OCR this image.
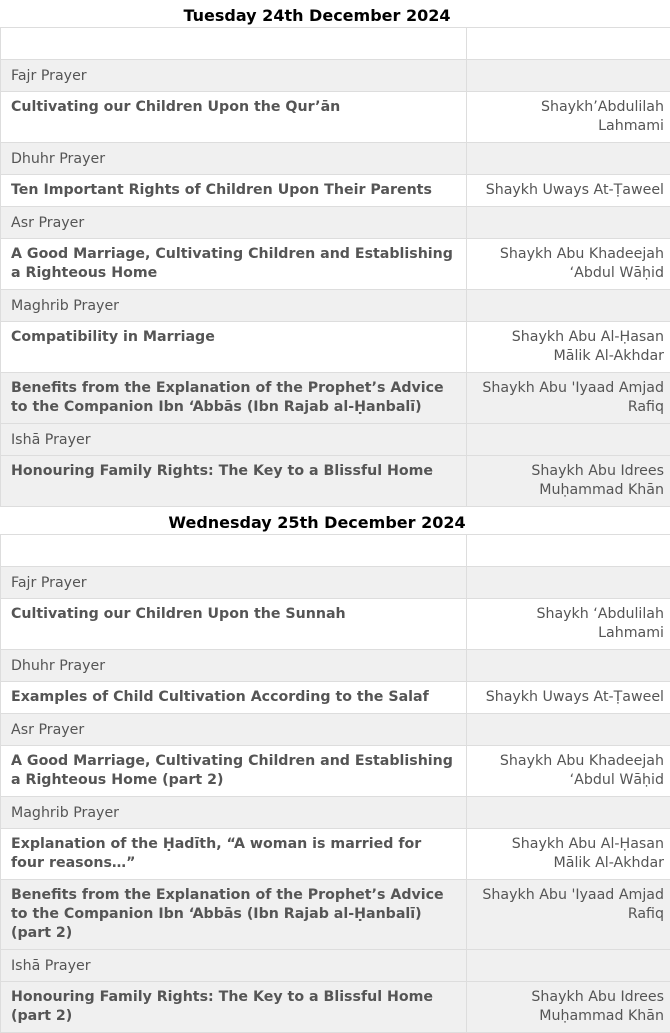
Tuesday 24th December 2024

Fajr Prayer	
Cultivating our Children Upon the Qur’ān	Shaykh’Abdulilah Lahmami
Dhuhr Prayer	
Ten Important Rights of Children Upon Their Parents	Shaykh Uways At-Ṭaweel
Asr Prayer	
A Good Marriage, Cultivating Children and Establishing a Righteous Home	Shaykh Abu Khadeejah ‘Abdul Wāḥid
Maghrib Prayer	
Compatibility in Marriage	Shaykh Abu Al-Ḥasan Mālik Al-Akhdar
Benefits from the Explanation of the Prophet’s Advice to the Companion Ibn ‘Abbās (Ibn Rajab al-Ḥanbalī)	Shaykh Abu 'Iyaad Amjad Rafiq
Ishā Prayer	
Honouring Family Rights: The Key to a Blissful Home	Shaykh Abu Idrees Muḥammad Khān
Wednesday 25th December 2024

Fajr Prayer	
Cultivating our Children Upon the Sunnah	Shaykh ‘Abdulilah Lahmami
Dhuhr Prayer	
Examples of Child Cultivation According to the Salaf	Shaykh Uways At-Ṭaweel
Asr Prayer	
A Good Marriage, Cultivating Children and Establishing a Righteous Home (part 2)	Shaykh Abu Khadeejah ‘Abdul Wāḥid
Maghrib Prayer	
Explanation of the Ḥadīth, “A woman is married for four reasons…”	Shaykh Abu Al-Ḥasan Mālik Al-Akhdar
Benefits from the Explanation of the Prophet’s Advice to the Companion Ibn ‘Abbās (Ibn Rajab al-Ḥanbalī) (part 2)	Shaykh Abu 'Iyaad Amjad Rafiq
Ishā Prayer	
Honouring Family Rights: The Key to a Blissful Home (part 2)	Shaykh Abu Idrees Muḥammad Khān
